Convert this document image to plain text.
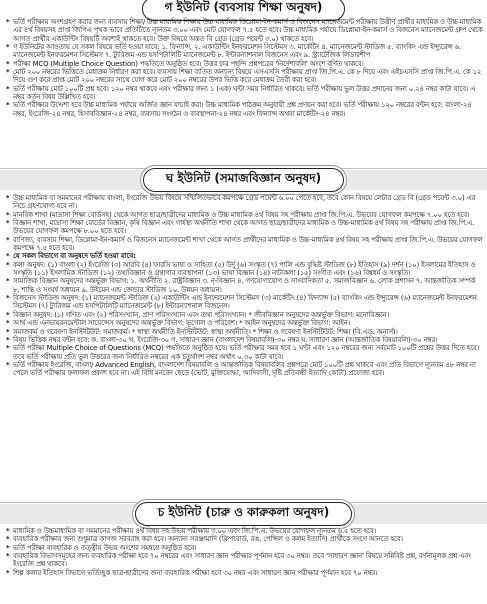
গ ইউনিট (ব্যবসায় শিক্ষা অনুষদ)

* ভর্তি পরীক্ষায় অংশগ্রহণ করার জন্য ব্যবসায় শিক্ষা/ উচ্চ মাধ্যমিক শিক্ষায় উচ্চ মাধ্যমিক ডিপ্লোমা-ইন-কমার্স ও বিজনেস ম্যানেজমেন্ট পরীক্ষায় উত্তীর্ণ প্রার্থীর মাধ্যমিক ও উচ্চ মাধ্যমিক এর ৪র্থ বিষয়সহ প্রাপ্ত জিপিএ পৃথক ভাবে প্রতিটিতে ন্যূনতম ৩.০০ এবং মোট যোগফল ৭.৫ হতে হবে। উচ্চ মাধ্যমিক পর্যায়ে ডিপ্লোমা-ইন-কমার্স ও বিজনেস ম্যানেজমেন্ট গ্রুপ থেকে আগত প্রার্থীর একাউন্টিং বিষয়টি অবশ্যই থাকতে হবে। উক্ত বিষয়ে অন্তত বি গ্রেড (গ্রেড পয়েন্ট ৩.০) থাকতে হবে।

* গ ইউনিটের আওতায় যে সকল বিষয়ে ভর্তি হওয়া যাবে: ১. ফিন্যান্স, ২. একাউন্টিং ইনফরমেশন সিস্টেমস ৩. মার্কেটিং ৪. ম্যানেজমেন্ট স্টাডিজ ৫. ব্যাংকিং এন্ড ইন্স্যুরেন্স ৬. ম্যানেজমেন্ট ইনফরমেশন সিস্টেমস ৭. ট্যুরিজম এন্ড হসপিটালিটি ম্যানেজমেন্ট ৮. ইন্টারন্যাশনাল বিজনেস এবং ৯. স্ট্র্যাটেজিক লিডারশীপ

* পরীক্ষা MCQ (Multiple Choice Question) পদ্ধতিতে অনুষ্ঠিত হবে। উত্তর চার পছন্দি প্রশ্নপত্রের 'নির্দেশাবলি' অংশে বর্ণিত থাকবে।

* মোট ২০০ নম্বরের ভিত্তিতে মেধাক্রম নির্ধারণ করা হবে। ব্যবসায় শিক্ষা ব্যতিত অন্যান্য বিষয়ে এসএসসি পরীক্ষায় প্রাপ্ত জি.পি.এ. কে ৮ দিয়ে এবং এইচএসসি প্রাপ্ত জি.পি.এ. কে ১২ দিয়ে গুণ করে প্রাপ্ত মোট ২০০ নম্বরের সাথে যোগ করে মোট ২০০ নম্বরের উপর ভিত্তি করে মেধাক্রম তৈরী করা হবে।

* ভর্তি পরীক্ষায় মোট ১০০টি প্রশ্ন হবে। ১২০ নম্বর থাকবে এবং পরীক্ষার জন্য ১ (এক) ঘন্টা সময় নির্ধারিত থাকবে। ভর্তি পরীক্ষায় ভুল উত্তর প্রদানের জন্য ০.২৪ নম্বর কাটা যাবে। এ নম্বর কর্তন বিষয় উল্লিখিত হবে।

* ভর্তি পরীক্ষার উদ্দেশ্য হবে উচ্চ মাধ্যমিক পর্যায়ে অর্জিত জ্ঞান যাচাই করা। উচ্চ মাধ্যমিক পাঠক্রম অনুযায়ী প্রশ্ন প্রণয়ন করা হবে। ভর্তি পরীক্ষায় ১২০ নম্বরের বন্টন হবে: বাংলা-২৪ নম্বর, ইংরেজি-২৪ নম্বর, হিসাববিজ্ঞান-২৪ নম্বর, ব্যবসায় সংগঠন ও ব্যবস্থাপনা-২৪ নম্বর এবং ফিন্যান্স অথবা মার্কেটিং-২৪ নম্বর।

ঘ ইউনিট (সমাজবিজ্ঞান অনুষদ)

* উচ্চ মাধ্যমিক বা সমমানের পরীক্ষায় বাংলা, ইংরেজি উভয় বিষয়ে সম্মিলিতভাবে কমপক্ষে গ্রেড পয়েন্ট ৬.০০ পেতে হবে, তবে কোন বিষয়ে লেটার গ্রেড বি (গ্রেড পয়েন্ট ৩.০) এর নিচে গ্রহণযোগ্য হবে না।

* মানবিক শাখা (মাদ্রাসা শিক্ষা বোর্ডসহ) থেকে আগত ছাত্র/ছাত্রীদের মাধ্যমিক ও উচ্চ মাধ্যমিক ৪র্থ বিষয় সহ পরীক্ষায় প্রাপ্ত জি.পি.এ. উভয়ের যোগফল কমপক্ষে ৭.০০ হতে হবে।

* বিজ্ঞান শাখা, মাদ্রাসা শিক্ষা বোর্ডের বিজ্ঞান, কৃষি বিজ্ঞান এবং গার্হস্থ্য অর্থনীতি শাখা থেকে আগত ছাত্র/ছাত্রীদের মাধ্যমিক ও উচ্চ-মাধ্যমিক ৪র্থ বিষয় সহ পরীক্ষায় প্রাপ্ত জি.পি.এ. উভয়ের যোগফল কমপক্ষে ৮.০০ হতে হবে।

* বাণিজ্য, ব্যবসায় শিক্ষা, ডিপ্লোমা-ইন-কমার্স ও বিজনেস ম্যানেজমেন্ট শাখা থেকে আগত প্রার্থীদের মাধ্যমিক ও উচ্চ-মাধ্যমিক ৪র্থ বিষয় সহ পরীক্ষায় প্রাপ্ত জি.পি.এ. উভয়ের যোগফল কমপক্ষে ৭.৫ হতে হবে।

* যে সকল বিভাগে বা অনুষদে ভর্তি হওয়া যাবে:

* কলা অনুষদ: (১) বাংলা (২) ইংরেজি (৩) আরবি (৪) ফারসি ভাষা ও সাহিত্য (৫) উর্দু (৬) সংস্কৃত (৭) পালি এন্ড বুদ্ধিষ্ট স্টাডিজ (৮) ইতিহাস (৯) দর্শন (১০) ইসলামের ইতিহাস ও সংস্কৃতি (১১) ইসলামিক স্টাডিজ (১২) তথ্যবিজ্ঞান ও গ্রন্থাগার ব্যবস্থাপনা (১৩) ভাষা বিজ্ঞান (১৪) নাট্যকলা (১৫) সংগীত এবং (১৬) বিশ্বধর্ম ও সংস্কৃতি।

* সামাজিক বিজ্ঞান অনুষদের অন্তর্ভুক্ত বিভাগ: ১. অর্থনীতি ২. রাষ্ট্রবিজ্ঞান ৩. নৃ-বিজ্ঞান ৪. গণযোগাযোগ ও সাংবাদিকতা ৫. সমাজবিজ্ঞান ৬. লোক প্রশাসন ৭. আন্তর্জাতিক সম্পর্ক ৮. শান্তি ও সংঘর্ষ অধ্যয়ন ৯. উইমেন এন্ড জেন্ডার স্টাডিজ ১০. উন্নয়ন অধ্যয়ন।

* বিজনেস স্টাডিজ অনুষদ: (১) ম্যানেজমেন্ট স্টাডিজ (২) একাউন্টিং এন্ড ইনফরমেশন সিস্টেমস (৩) মার্কেটিং (৪) ফিন্যান্স (৫) ব্যাংকিং এন্ড ইন্স্যুরেন্স (৬) ম্যানেজমেন্ট ইনফরমেশন সিস্টেমস (৭) ট্যুরিজম এন্ড হসপিটালিটি ম্যানেজমেন্ট (৮) ইন্টারন্যাশনাল বিজনেস।

* বিজ্ঞান অনুষদ: (১) গণিত এবং (২) পরিসংখ্যান, প্রাণ পরিসংখ্যান এবং তথ্য পরিসংখ্যান। * জীববিজ্ঞান অনুষদের অন্তর্ভুক্ত বিভাগ: মনোবিজ্ঞান।

* আর্থ এন্ড এনভায়রনমেন্টাল সায়েন্সেস অনুষদের অন্তর্ভুক্ত বিভাগ: ভূগোল ও পরিবেশ। * আইন অনুষদের অন্তর্ভুক্ত বিভাগ: আইন।

* সমাজকর্ম ও গবেষণা ইনস্টিটিউট: সমাজকর্ম। * স্বাস্থ্য অর্থনীতি ইনস্টিটিউট: স্বাস্থ্য অর্থনীতি। * শিক্ষা ও গবেষণা ইনস্টিটিউট: শিক্ষা (বি.এড. অনার্স)।

* বিষয় ভিত্তিক নম্বর বন্টন হবে: ক. বাংলা-৩০ খ. ইংরেজি-৩০ গ. সাধারণ জ্ঞান (বাংলাদেশ বিষয়াবলি)-৩০ নম্বর ঘ. সাধারণ জ্ঞান (আন্তর্জাতিক বিষয়াবলি)-৩০ নম্বর।

* ভর্তি পরীক্ষা Multiple Choice of Questions (MCQ) পদ্ধতিতে অনুষ্ঠিত হবে। ভর্তি পরীক্ষার সময় হবে ১ ঘণ্টা এবং ১২০ নম্বরের জন্য সর্বমোট ১০০টি প্রশ্নের উত্তর দিতে হবে। তবে ভর্তি পরীক্ষায় প্রতি ভুল উত্তরের জন্য নির্ধারিত নম্বরের এক চতুর্থাংশ নম্বর অর্থাৎ ০.৩০ কাটা যাবে।

* ভর্তি পরীক্ষায় ইংরেজি, বাংলা/ Advanced English, বাংলাদেশ বিষয়াবলি ও আন্তর্জাতিক বিষয়াবলির প্রশ্নপত্রে মোট ১০০টি প্রশ্ন থাকবে এবং প্রতি বিভাগে ন্যূনতম ৪৮ নম্বর না পেলে ভর্তি পরীক্ষার ফলাফল প্রকাশ হবে না। এই বিধি মনবেদ ছেড়ে (ভোট, মুক্তিযোদ্ধা, আদিবাসী, দৃষ্টি প্রতিবন্ধী ইত্যাদি কোটা) প্রযোজ্য হবে।

চ ইউনিট (চারু ও কারুকলা অনুষদ)

* মাধ্যমিক ও উচ্চমাধ্যমিক বা সমমানের পরীক্ষায় ৪র্থ বিষয় সহ উভয় পরীক্ষায় ৩.০০ এবং জি.পি.এ. উভয়ের যোগফল ন্যূনতম ৬.৫ হতে হবে।

* ব্যবহারিক পরীক্ষার জন্য শুধুমাত্র কাগজ সরবরাহ করা হবে। অন্যান্য সরঞ্জামাদি (ক্লিপবোর্ড, রঙ, পেন্সিল ও কলম ইত্যাদি) প্রার্থীকে সংগে আনতে হবে।

* ভর্তি পরীক্ষা ব্যবহারিক ও তত্ত্বীয় উভয় অংশের সমন্বয়ে অনুষ্ঠিত হবে।

* ব্যবহারিক বিভাগসমূহের জন্য ব্যবহারিক পরীক্ষা হবে ৭০ নম্বরের এবং সাধারণ জ্ঞান পরীক্ষার পূর্ণমান হবে ৩০ নম্বর। তবে 'সাধারণ জ্ঞান' বিষয়ে সন্নিবিষ্ট প্রশ্ন, বর্ণনামূলক প্রশ্ন এবং ইংরেজি প্রশ্ন থাকবে।

* শিল্প কলার ইতিহাস বিভাগে ভর্তিচ্ছুক ছাত্র-ছাত্রীদের জন্য ব্যবহারিক পরীক্ষা হবে ৩০ নম্বর এবং সাধারণ জ্ঞান পরীক্ষার পূর্ণমান হবে ৭০ নম্বর।
